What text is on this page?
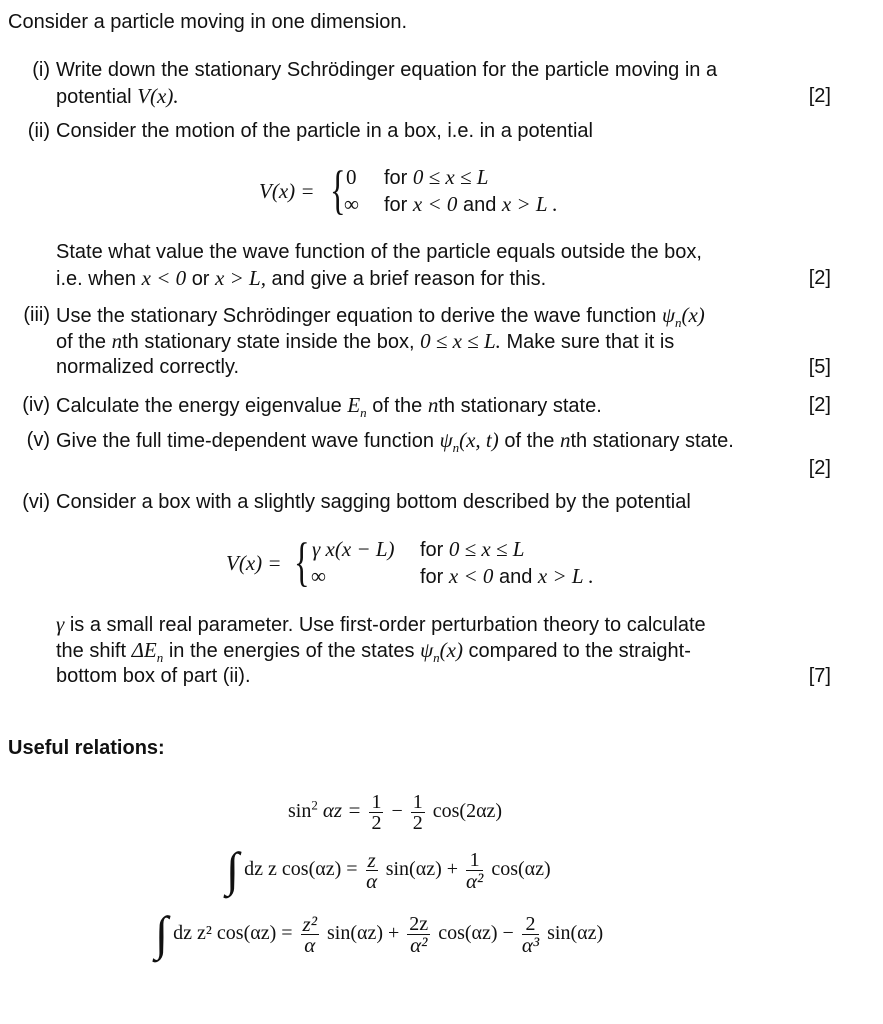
Consider a particle moving in one dimension.
(i) Write down the stationary Schrödinger equation for the particle moving in a
potential V(x).	[2]
(ii) Consider the motion of the particle in a box, i.e. in a potential
V(x) = { 0 for 0 ≤ x ≤ L
∞ for x < 0 and x > L .
State what value the wave function of the particle equals outside the box,
i.e. when x < 0 or x > L, and give a brief reason for this.	[2]
(iii) Use the stationary Schrödinger equation to derive the wave function $\psi_n(x)$
of the nth stationary state inside the box, 0 ≤ x ≤ L. Make sure that it is
normalized correctly.	[5]
(iv) Calculate the energy eigenvalue $E_n$ of the nth stationary state.	[2]
(v) Give the full time-dependent wave function $\psi_n(x$, t) of the nth stationary state.
[2]
(vi) Consider a box with a slightly sagging bottom described by the potential
V(x) = { γ x(x − L) for 0 ≤ x ≤ L
∞	for x < 0 and x > L .
γ is a small real parameter. Use first-order perturbation theory to calculate
the shift $\Delta E_n$ in the energies of the states $\psi_n(x)$ compared to the straight-
bottom box of part (ii).	[7]
Useful relations:
$\sin^2 \alpha z = \frac{1}{2} - \frac{1}{2} \cos(2\alpha z)$
∫ dz z $\cos(\alpha z) = \frac{z}{\alpha} \sin(\alpha z) + \frac{1}{\text{α²}} \cos(\alpha z)$
∫ dz z² $\cos(\alpha z) = \frac{\text{z²}}{\alpha} \sin(\alpha z) + \frac{2z}{\text{α²}} \cos(\alpha z) - \frac{2}{\text{α³}} \sin(\alpha z)$
